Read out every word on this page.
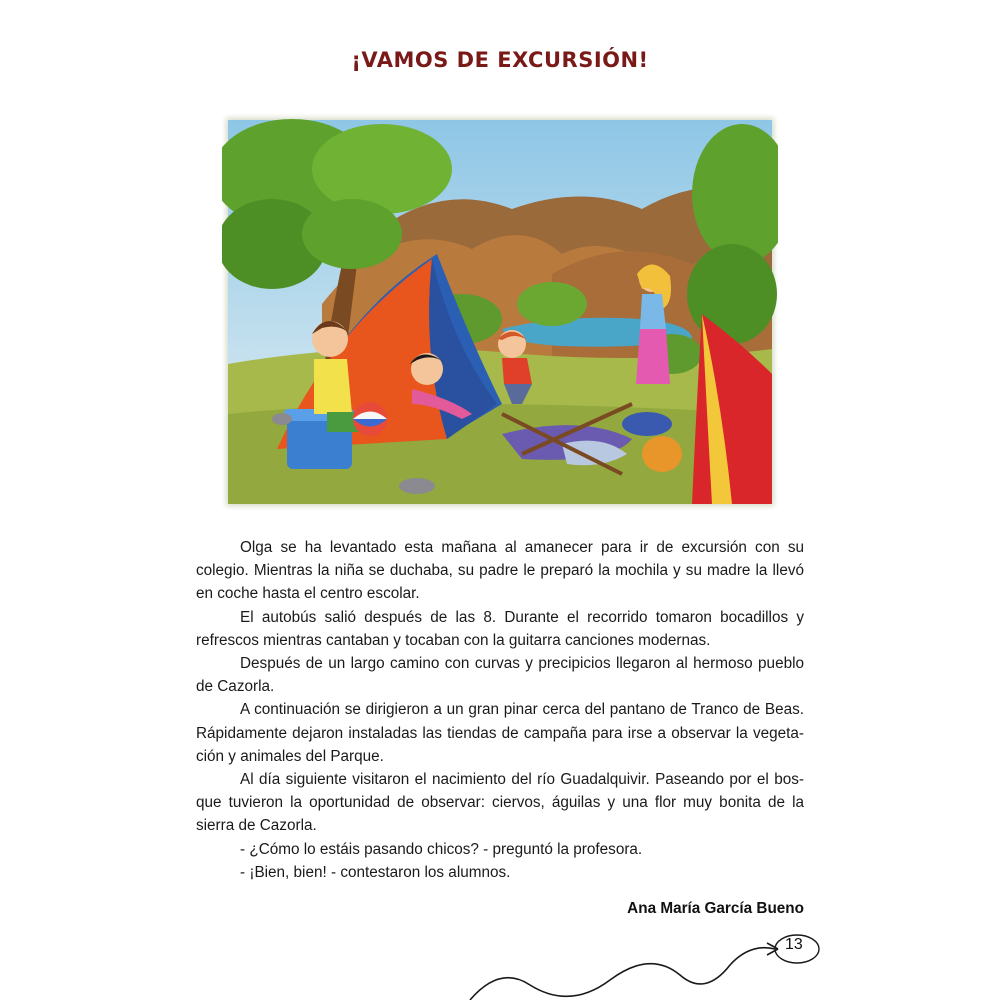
¡VAMOS DE EXCURSIÓN!

Olga se ha levantado esta mañana al amanecer para ir de excursión con su colegio. Mientras la niña se duchaba, su padre le preparó la mochila y su madre la llevó en coche hasta el centro escolar.

El autobús salió después de las 8. Durante el recorrido tomaron bocadillos y refrescos mientras cantaban y tocaban con la guitarra canciones modernas.

Después de un largo camino con curvas y precipicios llegaron al hermoso pueblo de Cazorla.

A continuación se dirigieron a un gran pinar cerca del pantano de Tranco de Beas. Rápidamente dejaron instaladas las tiendas de campaña para irse a observar la vegetación y animales del Parque.

Al día siguiente visitaron el nacimiento del río Guadalquivir. Paseando por el bosque tuvieron la oportunidad de observar: ciervos, águilas y una flor muy bonita de la sierra de Cazorla.

- ¿Cómo lo estáis pasando chicos? - preguntó la profesora.

- ¡Bien, bien! - contestaron los alumnos.

Ana María García Bueno
13
